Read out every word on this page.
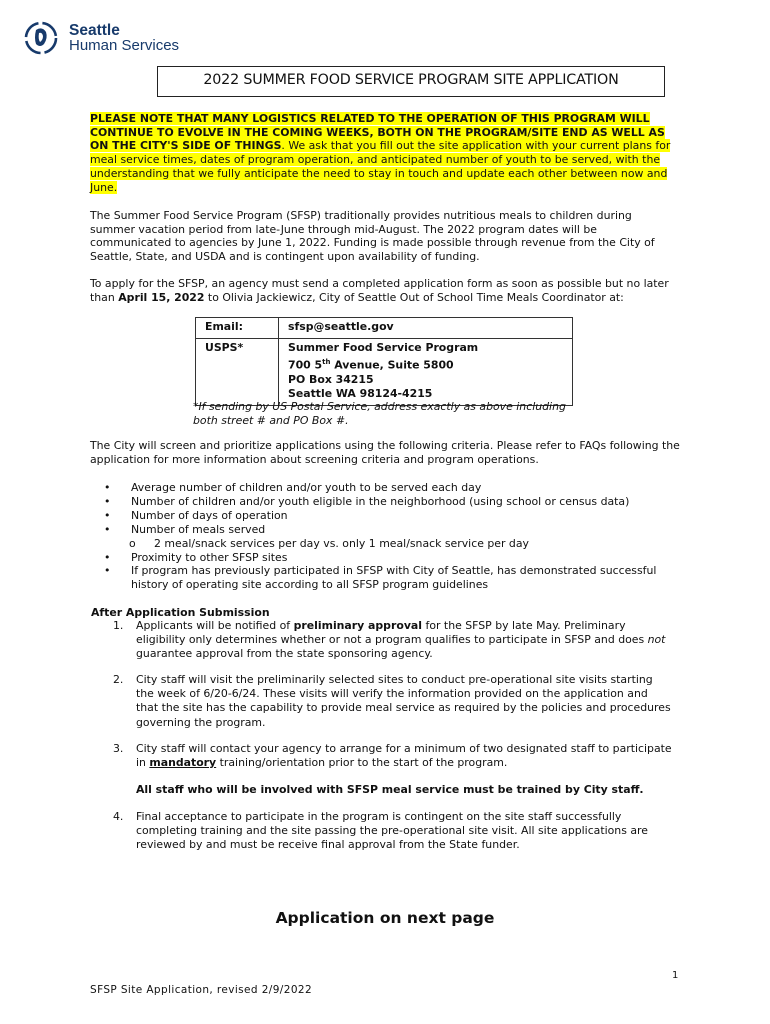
Seattle
Human Services
2022 SUMMER FOOD SERVICE PROGRAM SITE APPLICATION

PLEASE NOTE THAT MANY LOGISTICS RELATED TO THE OPERATION OF THIS PROGRAM WILL CONTINUE TO EVOLVE IN THE COMING WEEKS, BOTH ON THE PROGRAM/SITE END AS WELL AS ON THE CITY'S SIDE OF THINGS. We ask that you fill out the site application with your current plans for meal service times, dates of program operation, and anticipated number of youth to be served, with the understanding that we fully anticipate the need to stay in touch and update each other between now and June.

The Summer Food Service Program (SFSP) traditionally provides nutritious meals to children during summer vacation period from late-June through mid-August. The 2022 program dates will be communicated to agencies by June 1, 2022. Funding is made possible through revenue from the City of Seattle, State, and USDA and is contingent upon availability of funding.

To apply for the SFSP, an agency must send a completed application form as soon as possible but no later than April 15, 2022 to Olivia Jackiewicz, City of Seattle Out of School Time Meals Coordinator at:

Email:	sfsp@seattle.gov
USPS*	Summer Food Service Program
700 5th Avenue, Suite 5800
PO Box 34215
Seattle WA 98124-4215

*If sending by US Postal Service, address exactly as above including both street # and PO Box #.

The City will screen and prioritize applications using the following criteria. Please refer to FAQs following the application for more information about screening criteria and program operations.

• Average number of children and/or youth to be served each day
• Number of children and/or youth eligible in the neighborhood (using school or census data)
• Number of days of operation
• Number of meals served
o 2 meal/snack services per day vs. only 1 meal/snack service per day
• Proximity to other SFSP sites
• If program has previously participated in SFSP with City of Seattle, has demonstrated successful history of operating site according to all SFSP program guidelines
After Application Submission
1. Applicants will be notified of preliminary approval for the SFSP by late May. Preliminary eligibility only determines whether or not a program qualifies to participate in SFSP and does not guarantee approval from the state sponsoring agency.
2. City staff will visit the preliminarily selected sites to conduct pre-operational site visits starting the week of 6/20-6/24. These visits will verify the information provided on the application and that the site has the capability to provide meal service as required by the policies and procedures governing the program.
3. City staff will contact your agency to arrange for a minimum of two designated staff to participate in mandatory training/orientation prior to the start of the program.
All staff who will be involved with SFSP meal service must be trained by City staff.
4. Final acceptance to participate in the program is contingent on the site staff successfully completing training and the site passing the pre-operational site visit. All site applications are reviewed by and must be receive final approval from the State funder.
Application on next page
1
SFSP Site Application, revised 2/9/2022
